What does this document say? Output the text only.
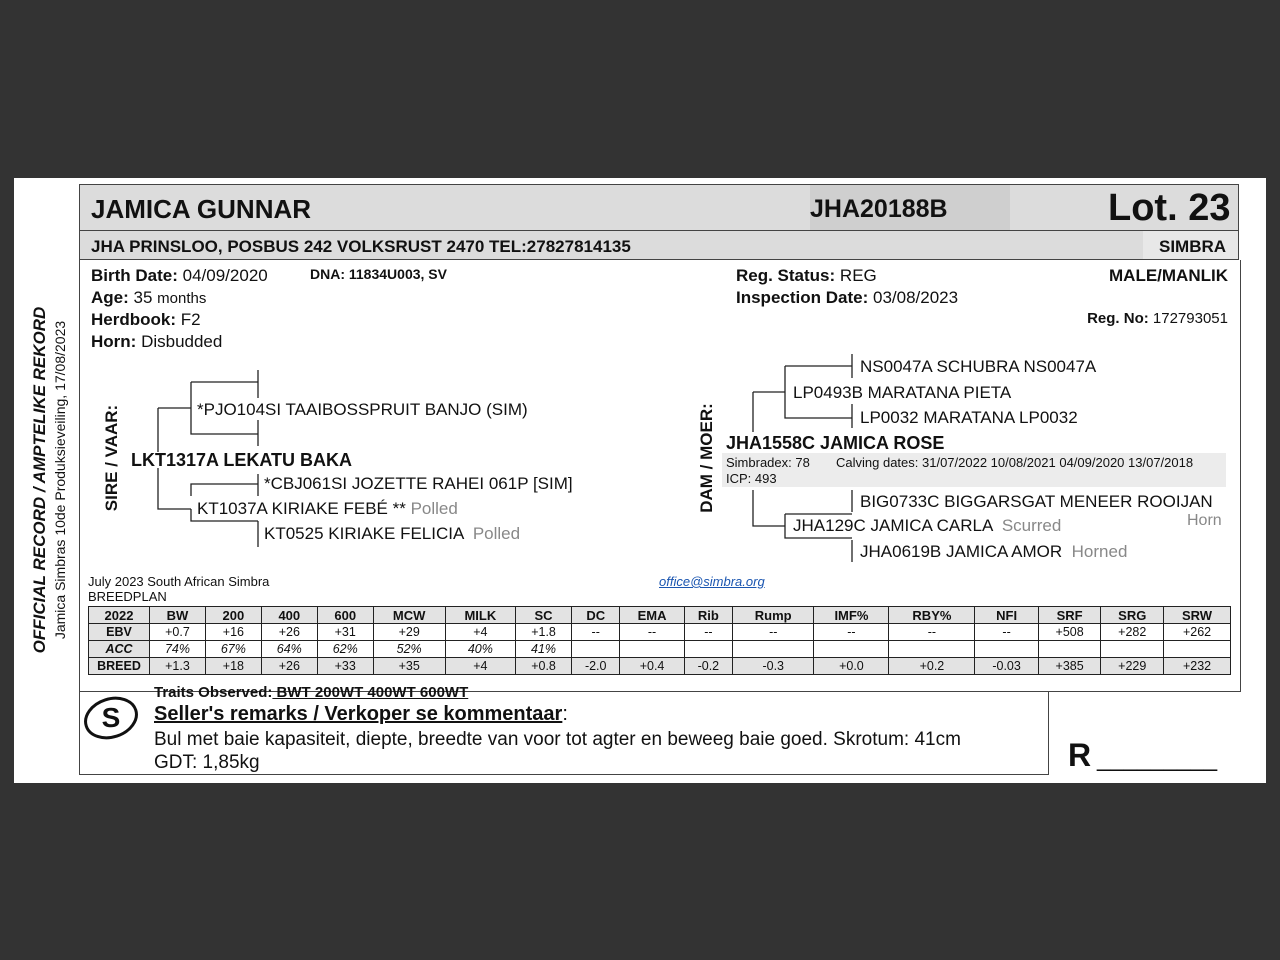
OFFICIAL RECORD / AMPTELIKE REKORD Jamica Simbras 10de Produksieveiling, 17/08/2023
JAMICA GUNNAR	JHA20188B	Lot. 23
JHA PRINSLOO, POSBUS 242 VOLKSRUST 2470 TEL:27827814135	SIMBRA
Birth Date: 04/09/2020	DNA: 11834U003, SV
Age: 35 months
Herdbook: F2
Horn: Disbudded
Reg. Status: REG
Inspection Date: 03/08/2023
MALE/MANLIK
Reg. No: 172793051
SIRE / VAAR: LKT1317A LEKATU BAKA
*PJO104SI TAAIBOSSPRUIT BANJO (SIM)
KT1037A KIRIAKE FEBÉ ** Polled
*CBJ061SI JOZETTE RAHEI 061P [SIM]
KT0525 KIRIAKE FELICIA Polled
DAM / MOER:
NS0047A SCHUBRA NS0047A
LP0493B MARATANA PIETA
LP0032 MARATANA LP0032
JHA1558C JAMICA ROSE
Simbradex: 78 Calving dates: 31/07/2022 10/08/2021 04/09/2020 13/07/2018
ICP: 493
BIG0733C BIGGARSGAT MENEER ROOIJAN
Horn
JHA129C JAMICA CARLA Scurred
JHA0619B JAMICA AMOR Horned
July 2023 South African Simbra
BREEDPLAN
office@simbra.org
2022	BW	200	400	600	MCW	MILK	SC	DC	EMA	Rib	Rump	IMF%	RBY%	NFI	SRF	SRG	SRW
EBV	+0.7	+16	+26	+31	+29	+4	+1.8	--	--	--	--	--	--	--	+508	+282	+262
ACC	74%	67%	64%	62%	52%	40%	41%										
BREED	+1.3	+18	+26	+33	+35	+4	+0.8	-2.0	+0.4	-0.2	-0.3	+0.0	+0.2	-0.03	+385	+229	+232
S
Traits Observed: BWT 200WT 400WT 600WT
Seller's remarks / Verkoper se kommentaar:
Bul met baie kapasiteit, diepte, breedte van voor tot agter en beweeg baie goed. Skrotum: 41cm
GDT: 1,85kg	R _________
